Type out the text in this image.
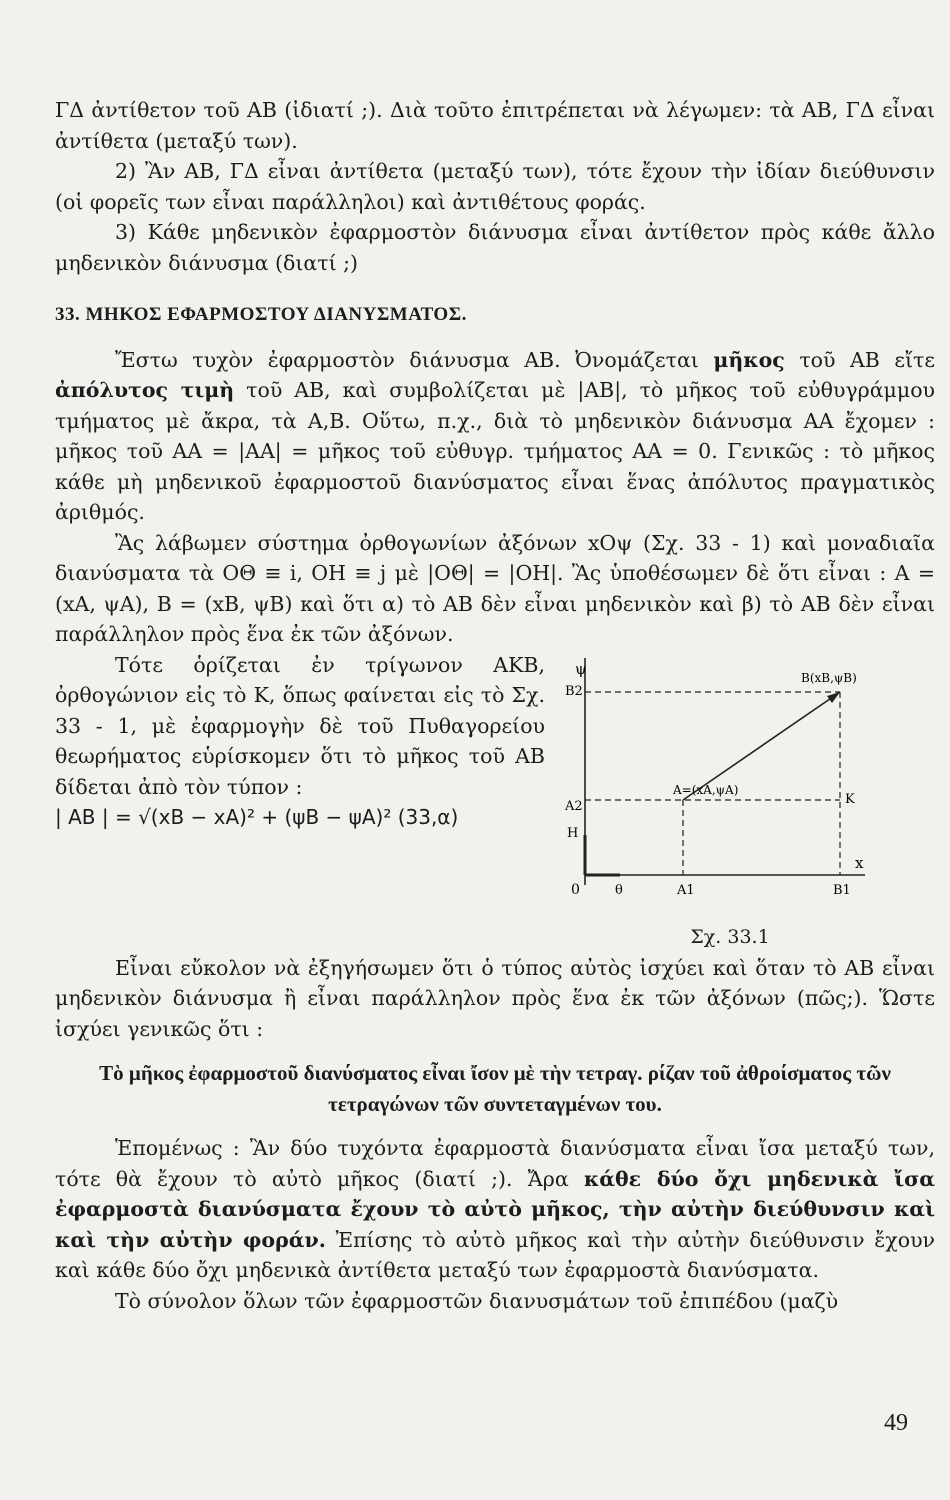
ΓΔ ἀντίθετον τοῦ AB (ἰδιατί ;). Διὰ τοῦτο ἐπιτρέπεται νὰ λέγωμεν: τὰ AB, ΓΔ εἶναι ἀντίθετα (μεταξύ των).

2) Ἂν AB, ΓΔ εἶναι ἀντίθετα (μεταξύ των), τότε ἔχουν τὴν ἰδίαν διεύθυνσιν (οἱ φορεῖς των εἶναι παράλληλοι) καὶ ἀντιθέτους φοράς.

3) Κάθε μηδενικὸν ἐφαρμοστὸν διάνυσμα εἶναι ἀντίθετον πρὸς κάθε ἄλλο μηδενικὸν διάνυσμα (διατί ;)

33. ΜΗΚΟΣ ΕΦΑΡΜΟΣΤΟΥ ΔΙΑΝΥΣΜΑΤΟΣ.

Ἔστω τυχὸν ἐφαρμοστὸν διάνυσμα AB. Ὀνομάζεται μῆκος τοῦ AB εἴτε ἀπόλυτος τιμὴ τοῦ AB, καὶ συμβολίζεται μὲ |AB|, τὸ μῆκος τοῦ εὐθυγράμμου τμήματος μὲ ἄκρα, τὰ A,B. Οὕτω, π.χ., διὰ τὸ μηδενικὸν διάνυσμα AA ἔχομεν : μῆκος τοῦ AA = |AA| = μῆκος τοῦ εὐθυγρ. τμήματος AA = 0. Γενικῶς : τὸ μῆκος κάθε μὴ μηδενικοῦ ἐφαρμοστοῦ διανύσματος εἶναι ἕνας ἀπόλυτος πραγματικὸς ἀριθμός.

Ἂς λάβωμεν σύστημα ὀρθογωνίων ἀξόνων xOψ (Σχ. 33 - 1) καὶ μοναδιαῖα διανύσματα τὰ OΘ ≡ i, OH ≡ j μὲ |OΘ| = |OH|. Ἂς ὑποθέσωμεν δὲ ὅτι εἶναι : A = (xA, ψA), B = (xB, ψB) καὶ ὅτι α) τὸ AB δὲν εἶναι μηδενικὸν καὶ β) τὸ AB δὲν εἶναι παράλληλον πρὸς ἕνα ἐκ τῶν ἀξόνων.

Τότε ὁρίζεται ἐν τρίγωνον AKB, ὀρθογώνιον εἰς τὸ K, ὅπως φαίνεται εἰς τὸ Σχ. 33 - 1, μὲ ἐφαρμογὴν δὲ τοῦ Πυθαγορείου θεωρήματος εὑρίσκομεν ὅτι τὸ μῆκος τοῦ AB δίδεται ἀπὸ τὸν τύπον :

| AB | = √(xB − xA)² + (ψB − ψA)² (33,α)

ψ
x
0
B(xB,ψB)
A=(xA,ψA)
K
B2
A2
H
θ	A1	B1
Σχ. 33.1

Εἶναι εὔκολον νὰ ἐξηγήσωμεν ὅτι ὁ τύπος αὐτὸς ἰσχύει καὶ ὅταν τὸ AB εἶναι μηδενικὸν διάνυσμα ἢ εἶναι παράλληλον πρὸς ἕνα ἐκ τῶν ἀξόνων (πῶς;). Ὥστε ἰσχύει γενικῶς ὅτι :

Τὸ μῆκος ἐφαρμοστοῦ διανύσματος εἶναι ἴσον μὲ τὴν τετραγ. ρίζαν τοῦ ἀθροίσματος τῶν τετραγώνων τῶν συντεταγμένων του.

Ἑπομένως : Ἂν δύο τυχόντα ἐφαρμοστὰ διανύσματα εἶναι ἴσα μεταξύ των, τότε θὰ ἔχουν τὸ αὐτὸ μῆκος (διατί ;). Ἄρα κάθε δύο ὄχι μηδενικὰ ἴσα ἐφαρμοστὰ διανύσματα ἔχουν τὸ αὐτὸ μῆκος, τὴν αὐτὴν διεύθυνσιν καὶ καὶ τὴν αὐτὴν φοράν. Ἐπίσης τὸ αὐτὸ μῆκος καὶ τὴν αὐτὴν διεύθυνσιν ἔχουν καὶ κάθε δύο ὄχι μηδενικὰ ἀντίθετα μεταξύ των ἐφαρμοστὰ διανύσματα.

Τὸ σύνολον ὅλων τῶν ἐφαρμοστῶν διανυσμάτων τοῦ ἐπιπέδου (μαζὺ

49
